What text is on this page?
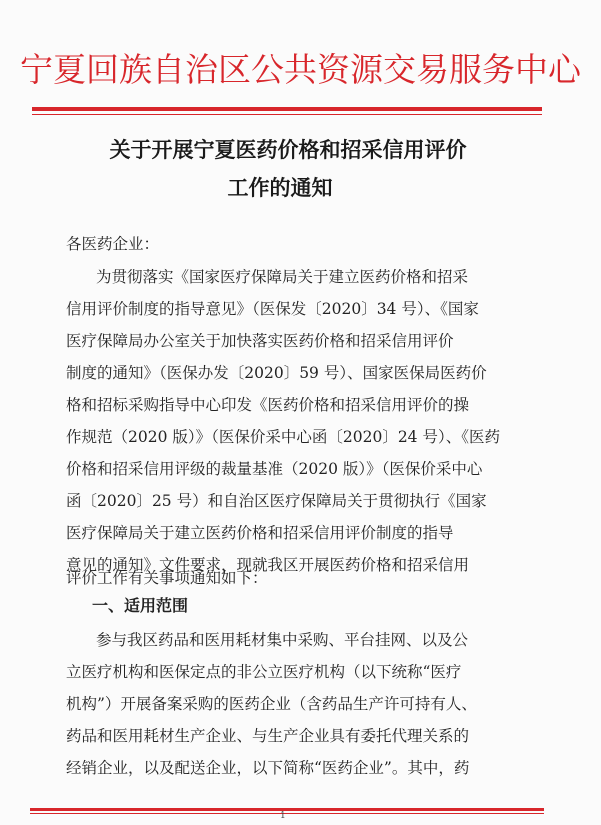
宁夏回族自治区公共资源交易服务中心
关于开展宁夏医药价格和招采信用评价
工作的通知
各医药企业：
为贯彻落实《国家医疗保障局关于建立医药价格和招采
信用评价制度的指导意见》（医保发〔2020〕34 号）、《国家
医疗保障局办公室关于加快落实医药价格和招采信用评价
制度的通知》（医保办发〔2020〕59 号）、国家医保局医药价
格和招标采购指导中心印发《医药价格和招采信用评价的操
作规范（2020 版）》（医保价采中心函〔2020〕24 号）、《医药
价格和招采信用评级的裁量基准（2020 版）》（医保价采中心
函〔2020〕25 号）和自治区医疗保障局关于贯彻执行《国家
医疗保障局关于建立医药价格和招采信用评价制度的指导
意见的通知》文件要求，现就我区开展医药价格和招采信用
评价工作有关事项通知如下：
一、适用范围
参与我区药品和医用耗材集中采购、平台挂网、以及公
立医疗机构和医保定点的非公立医疗机构（以下统称“医疗
机构”）开展备案采购的医药企业（含药品生产许可持有人、
药品和医用耗材生产企业、与生产企业具有委托代理关系的
经销企业，以及配送企业，以下简称“医药企业”。其中，药
1
